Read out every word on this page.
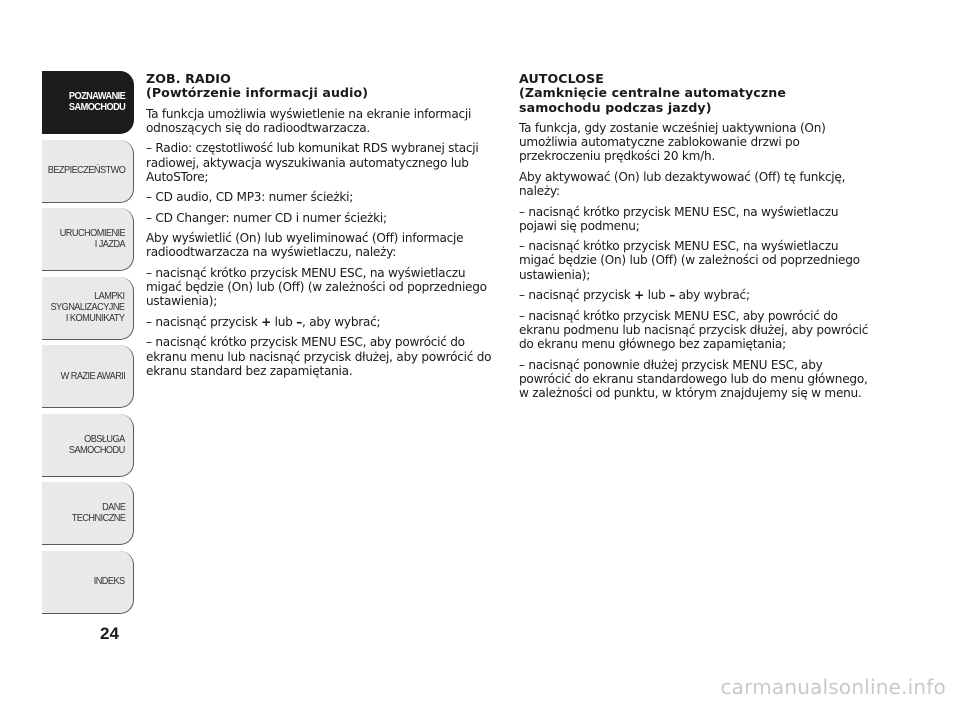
POZNAWANIE
SAMOCHODU
BEZPIECZEŃSTWO
URUCHOMIENIE
I JAZDA
LAMPKI
SYGNALIZACYJNE
I KOMUNIKATY
W RAZIE AWARII
OBSŁUGA
SAMOCHODU
DANE
TECHNICZNE
INDEKS
24
ZOB. RADIO
(Powtórzenie informacji audio)

Ta funkcja umożliwia wyświetlenie na ekranie informacji odnoszących się do radioodtwarzacza.

– Radio: częstotliwość lub komunikat RDS wybranej stacji radiowej, aktywacja wyszukiwania automatycznego lub AutoSTore;

– CD audio, CD MP3: numer ścieżki;

– CD Changer: numer CD i numer ścieżki;

Aby wyświetlić (On) lub wyeliminować (Off) informacje radioodtwarzacza na wyświetlaczu, należy:

– nacisnąć krótko przycisk MENU ESC, na wyświetlaczu migać będzie (On) lub (Off) (w zależności od poprzedniego ustawienia);

– nacisnąć przycisk + lub –, aby wybrać;

– nacisnąć krótko przycisk MENU ESC, aby powrócić do ekranu menu lub nacisnąć przycisk dłużej, aby powrócić do ekranu standard bez zapamiętania.

AUTOCLOSE
(Zamknięcie centralne automatyczne
samochodu podczas jazdy)

Ta funkcja, gdy zostanie wcześniej uaktywniona (On) umożliwia automatyczne zablokowanie drzwi po przekroczeniu prędkości 20 km/h.

Aby aktywować (On) lub dezaktywować (Off) tę funkcję, należy:

– nacisnąć krótko przycisk MENU ESC, na wyświetlaczu pojawi się podmenu;

– nacisnąć krótko przycisk MENU ESC, na wyświetlaczu migać będzie (On) lub (Off) (w zależności od poprzedniego ustawienia);

– nacisnąć przycisk + lub – aby wybrać;

– nacisnąć krótko przycisk MENU ESC, aby powrócić do ekranu podmenu lub nacisnąć przycisk dłużej, aby powrócić do ekranu menu głównego bez zapamiętania;

– nacisnąć ponownie dłużej przycisk MENU ESC, aby powrócić do ekranu standardowego lub do menu głównego, w zależności od punktu, w którym znajdujemy się w menu.

carmanualsonline.info
